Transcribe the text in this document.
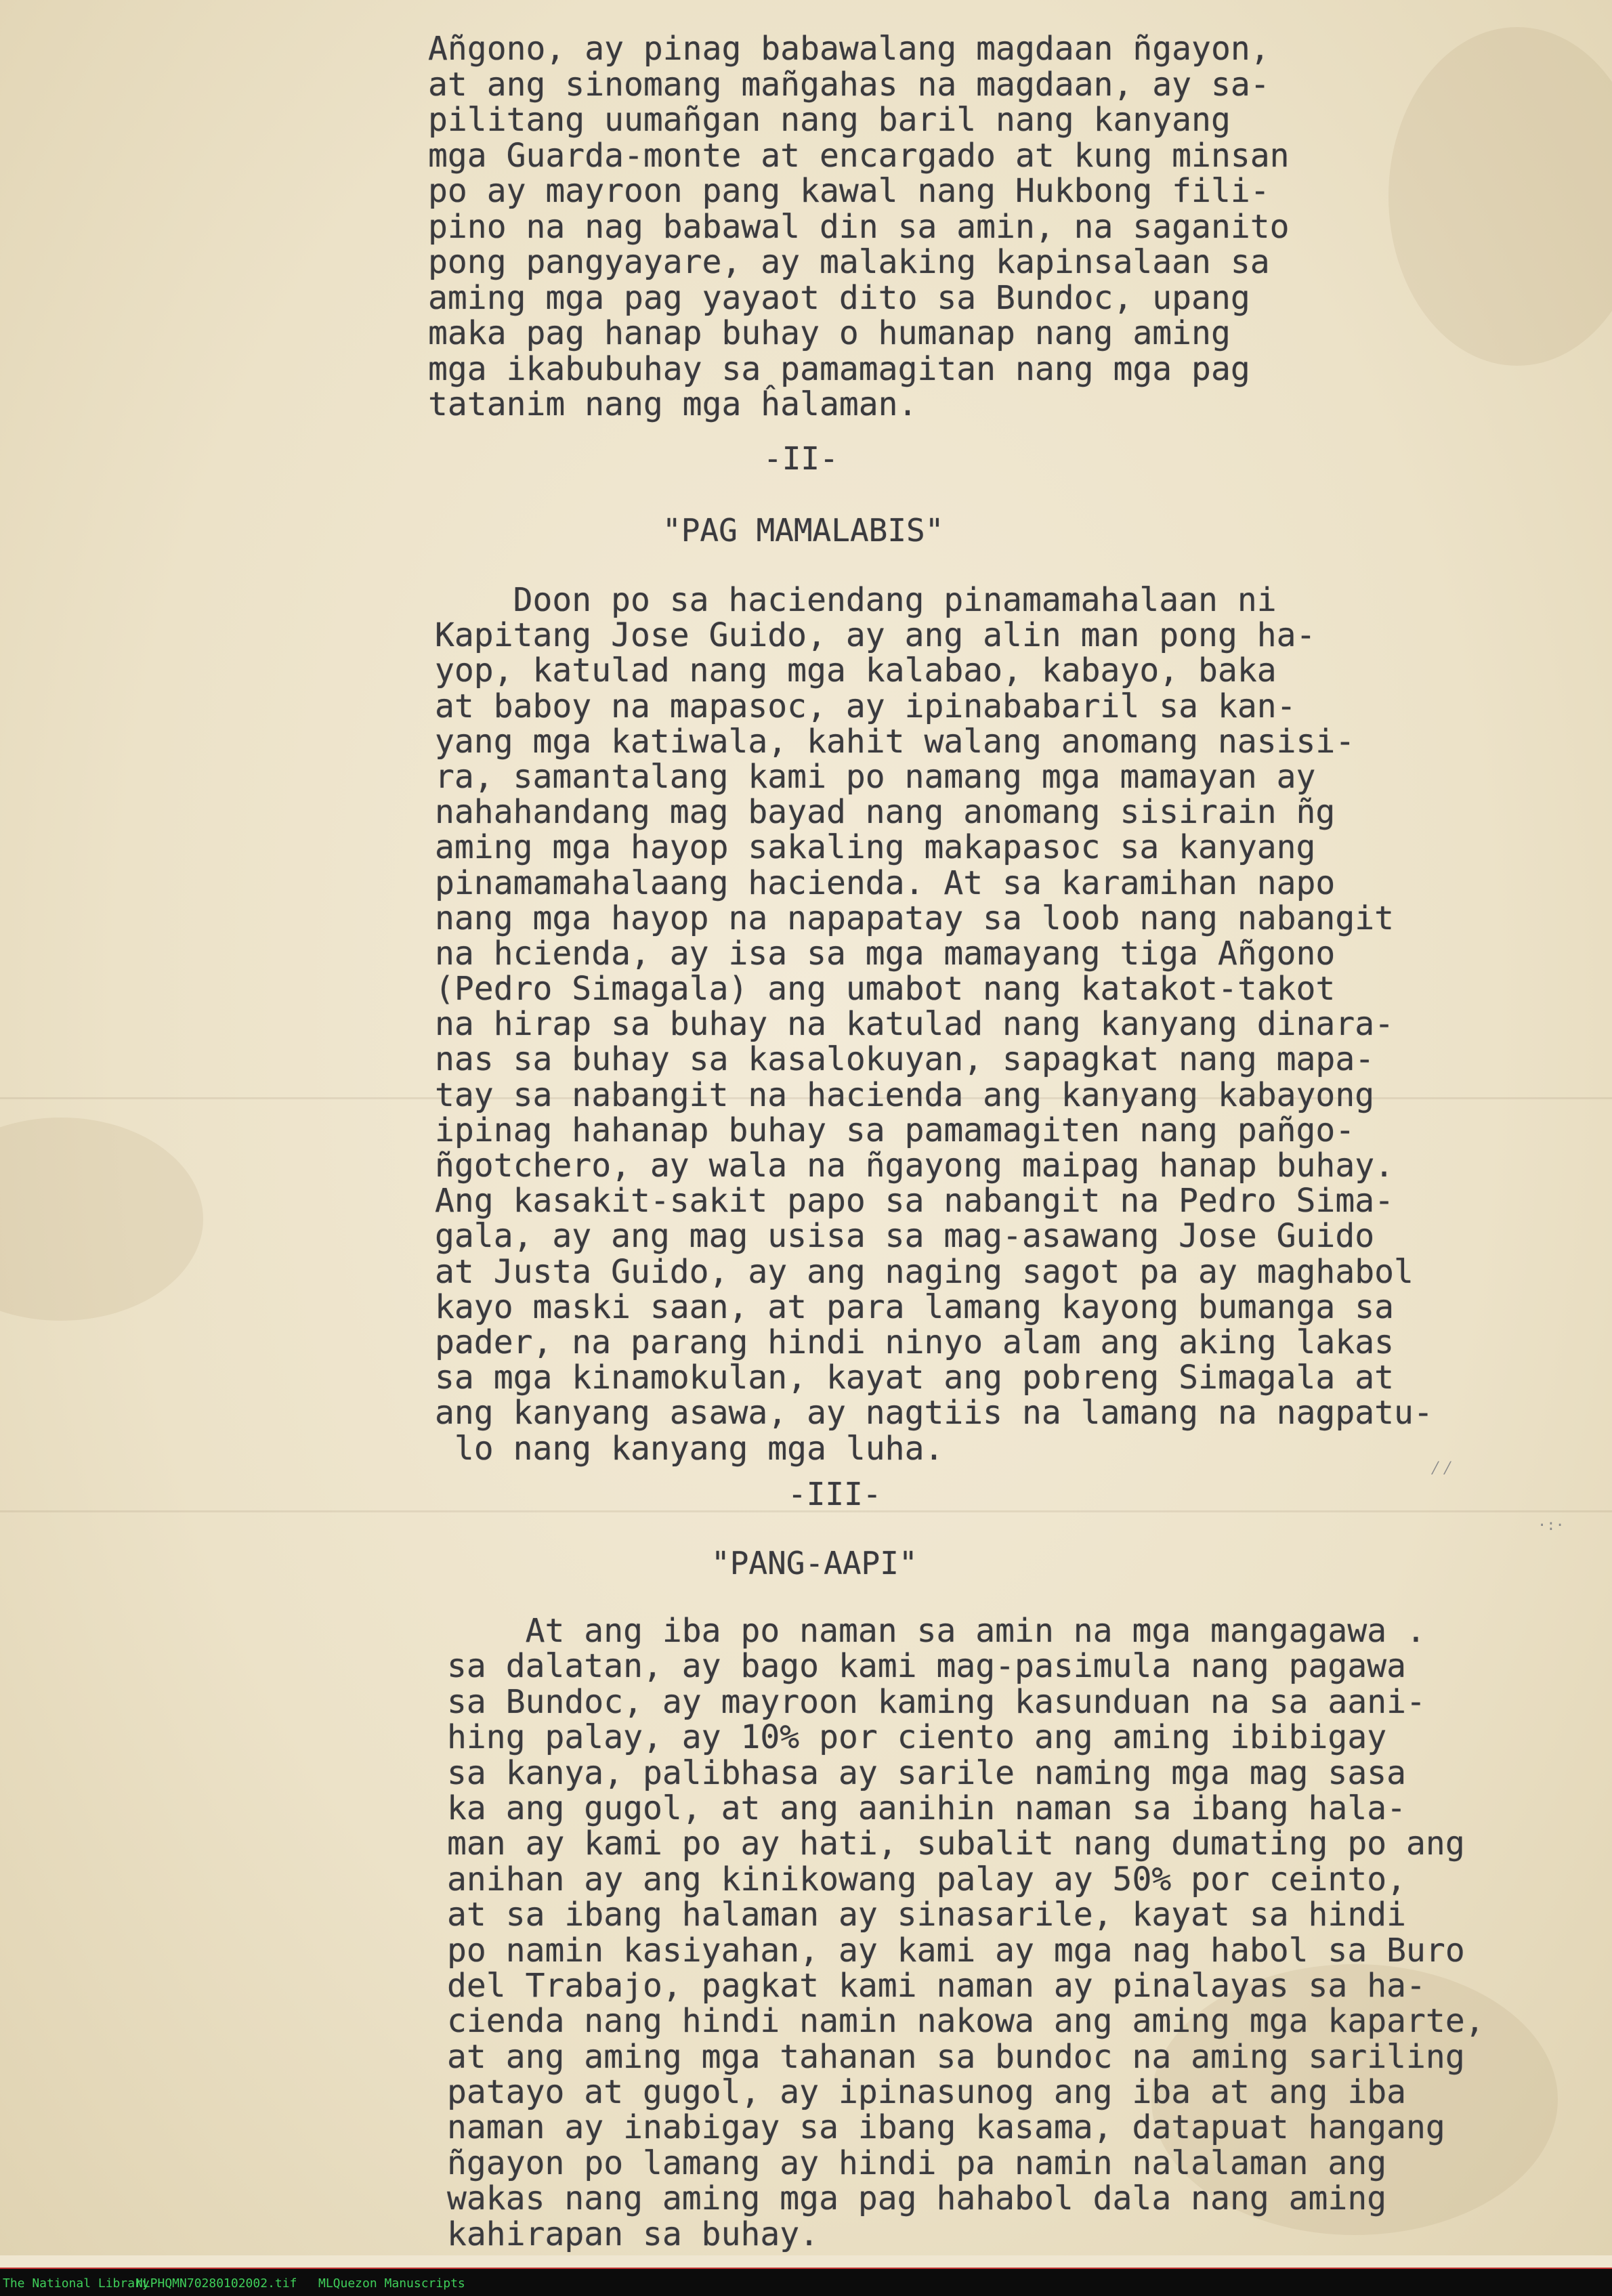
Añgono, ay pinag babawalang magdaan ñgayon,
at ang sinomang mañgahas na magdaan, ay sa-
pilitang uumañgan nang baril nang kanyang
mga Guarda-monte at encargado at kung minsan
po ay mayroon pang kawal nang Hukbong fili-
pino na nag babawal din sa amin, na saganito
pong pangyayare, ay malaking kapinsalaan sa
aming mga pag yayaot dito sa Bundoc, upang
maka pag hanap buhay o humanap nang aming
mga ikabubuhay sa pamamagitan nang mga pag
tatanim nang mga ĥalaman.
-II-
"PAG MAMALABIS"
Doon po sa haciendang pinamamahalaan ni
Kapitang Jose Guido, ay ang alin man pong ha-
yop, katulad nang mga kalabao, kabayo, baka
at baboy na mapasoc, ay ipinababaril sa kan-
yang mga katiwala, kahit walang anomang nasisi-
ra, samantalang kami po namang mga mamayan ay
nahahandang mag bayad nang anomang sisirain ñg
aming mga hayop sakaling makapasoc sa kanyang
pinamamahalaang hacienda. At sa karamihan napo
nang mga hayop na napapatay sa loob nang nabangit
na hcienda, ay isa sa mga mamayang tiga Añgono
(Pedro Simagala) ang umabot nang katakot-takot
na hirap sa buhay na katulad nang kanyang dinara-
nas sa buhay sa kasalokuyan, sapagkat nang mapa-
tay sa nabangit na hacienda ang kanyang kabayong
ipinag hahanap buhay sa pamamagiten nang pañgo-
ñgotchero, ay wala na ñgayong maipag hanap buhay.
Ang kasakit-sakit papo sa nabangit na Pedro Sima-
gala, ay ang mag usisa sa mag-asawang Jose Guido
at Justa Guido, ay ang naging sagot pa ay maghabol
kayo maski saan, at para lamang kayong bumanga sa
pader, na parang hindi ninyo alam ang aking lakas
sa mga kinamokulan, kayat ang pobreng Simagala at
ang kanyang asawa, ay nagtiis na lamang na nagpatu-
lo nang kanyang mga luha.
-III-
"PANG-AAPI"
At ang iba po naman sa amin na mga mangagawa .
sa dalatan, ay bago kami mag-pasimula nang pagawa
sa Bundoc, ay mayroon kaming kasunduan na sa aani-
hing palay, ay 10% por ciento ang aming ibibigay
sa kanya, palibhasa ay sarile naming mga mag sasa
ka ang gugol, at ang aanihin naman sa ibang hala-
man ay kami po ay hati, subalit nang dumating po ang
anihan ay ang kinikowang palay ay 50% por ceinto,
at sa ibang halaman ay sinasarile, kayat sa hindi
po namin kasiyahan, ay kami ay mga nag habol sa Buro
del Trabajo, pagkat kami naman ay pinalayas sa ha-
cienda nang hindi namin nakowa ang aming mga kaparte,
at ang aming mga tahanan sa bundoc na aming sariling
patayo at gugol, ay ipinasunog ang iba at ang iba
naman ay inabigay sa ibang kasama, datapuat hangang
ñgayon po lamang ay hindi pa namin nalalaman ang
wakas nang aming mga pag hahabol dala nang aming
kahirapan sa buhay.
⁄⁄
·:·
The National Library
NLPHQMN70280102002.tif MLQuezon Manuscripts
